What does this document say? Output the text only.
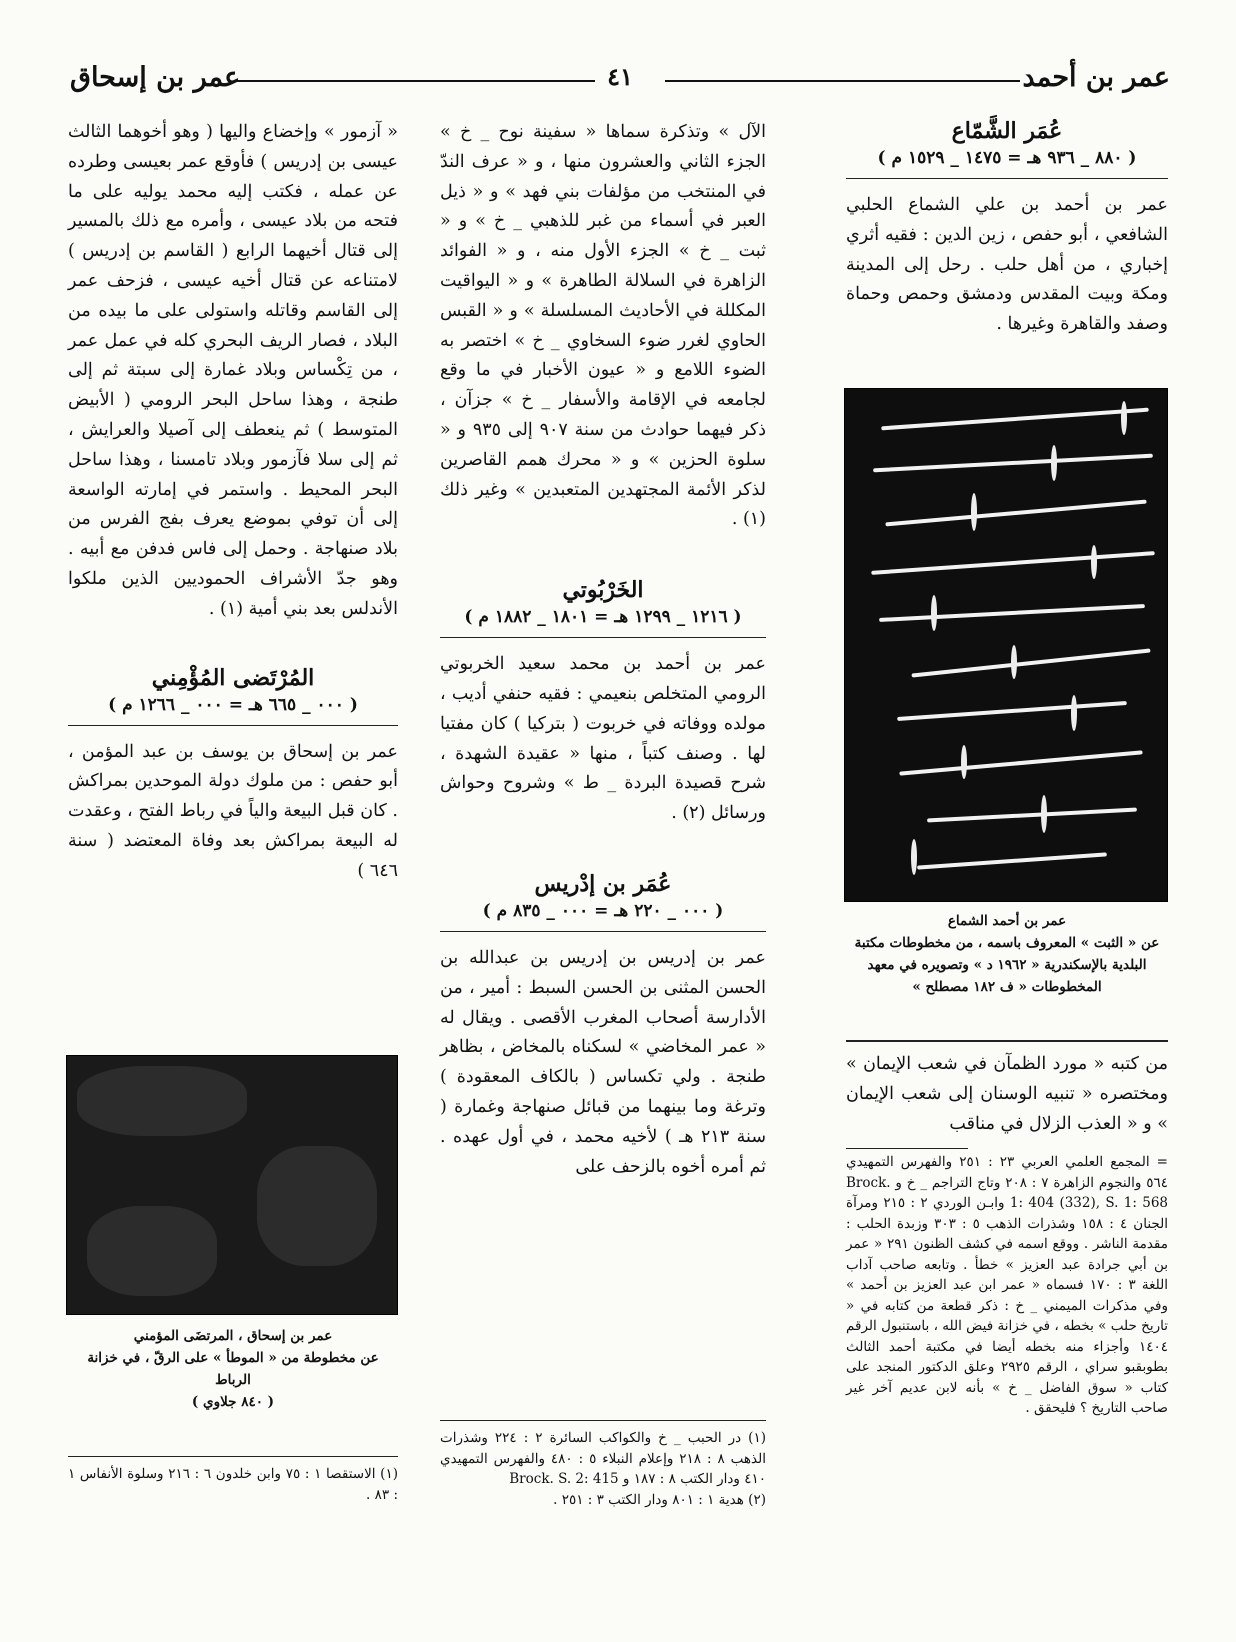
عمر بن أحمد
٤١
عمر بن إسحاق
عُمَر الشَّمّاع
( ٨٨٠ _ ٩٣٦ هـ = ١٤٧٥ _ ١٥٢٩ م )

عمر بن أحمد بن علي الشماع الحلبي الشافعي ، أبو حفص ، زين الدين : فقيه أثري إخباري ، من أهل حلب . رحل إلى المدينة ومكة وبيت المقدس ودمشق وحمص وحماة وصفد والقاهرة وغيرها .

عمر بن أحمد الشماع
عن « الثبت » المعروف باسمه ، من مخطوطات مكتبة البلدية بالإسكندرية « ١٩٦٢ د » وتصويره في معهد المخطوطات « ف ١٨٢ مصطلح »

من كتبه « مورد الظمآن في شعب الإيمان » ومختصره « تنبيه الوسنان إلى شعب الإيمان » و « العذب الزلال في مناقب

= المجمع العلمي العربي ٢٣ : ٢٥١ والفهرس التمهيدي ٥٦٤ والنجوم الزاهرة ٧ : ٢٠٨ وتاج التراجم _ خ و Brock. 1: 404 (332), S. 1: 568 وابـن الوردي ٢ : ٢١٥ ومرآة الجنان ٤ : ١٥٨ وشذرات الذهب ٥ : ٣٠٣ وزبدة الحلب : مقدمة الناشر . ووقع اسمه في كشف الظنون ٢٩١ « عمر بن أبي جرادة عبد العزيز » خطأ . وتابعه صاحب آداب اللغة ٣ : ١٧٠ فسماه « عمر ابن عبد العزيز بن أحمد » وفي مذكرات الميمني _ خ : ذكر قطعة من كتابه في « تاريخ حلب » بخطه ، في خزانة فيض الله ، باستنبول الرقم ١٤٠٤ وأجزاء منه بخطه أيضا في مكتبة أحمد الثالث بطوبقبو سراي ، الرقم ٢٩٢٥ وعلق الدكتور المنجد على كتاب « سوق الفاضل _ خ » بأنه لابن عديم آخر غير صاحب التاريخ ؟ فليحقق .

الآل » وتذكرة سماها « سفينة نوح _ خ » الجزء الثاني والعشرون منها ، و « عرف الندّ في المنتخب من مؤلفات بني فهد » و « ذيل العبر في أسماء من غبر للذهبي _ خ » و « ثبت _ خ » الجزء الأول منه ، و « الفوائد الزاهرة في السلالة الطاهرة » و « اليواقيت المكللة في الأحاديث المسلسلة » و « القبس الحاوي لغرر ضوء السخاوي _ خ » اختصر به الضوء اللامع و « عيون الأخبار في ما وقع لجامعه في الإقامة والأسفار _ خ » جزآن ، ذكر فيهما حوادث من سنة ٩٠٧ إلى ٩٣٥ و « سلوة الحزين » و « محرك همم القاصرين لذكر الأئمة المجتهدين المتعبدين » وغير ذلك (١) .

الخَرْبُوتي
( ١٢١٦ _ ١٢٩٩ هـ = ١٨٠١ _ ١٨٨٢ م )

عمر بن أحمد بن محمد سعيد الخربوتي الرومي المتخلص بنعيمي : فقيه حنفي أديب ، مولده ووفاته في خربوت ( بتركيا ) كان مفتيا لها . وصنف كتباً ، منها « عقيدة الشهدة ، شرح قصيدة البردة _ ط » وشروح وحواش ورسائل (٢) .

عُمَر بن إدْريس
( ٠٠٠ _ ٢٢٠ هـ = ٠٠٠ _ ٨٣٥ م )

عمر بن إدريس بن إدريس بن عبدالله بن الحسن المثنى بن الحسن السبط : أمير ، من الأدارسة أصحاب المغرب الأقصى . ويقال له « عمر المخاضي » لسكناه بالمخاض ، بظاهر طنجة . ولي تكساس ( بالكاف المعقودة ) وترغة وما بينهما من قبائل صنهاجة وغمارة ( سنة ٢١٣ هـ ) لأخيه محمد ، في أول عهده . ثم أمره أخوه بالزحف على

(١) در الحبب _ خ والكواكب السائرة ٢ : ٢٢٤ وشذرات الذهب ٨ : ٢١٨ وإعلام النبلاء ٥ : ٤٨٠ والفهرس التمهيدي ٤١٠ ودار الكتب ٨ : ١٨٧ و Brock. S. 2: 415

(٢) هدية ١ : ٨٠١ ودار الكتب ٣ : ٢٥١ .

« آزمور » وإخضاع واليها ( وهو أخوهما الثالث عيسى بن إدريس ) فأوقع عمر بعيسى وطرده عن عمله ، فكتب إليه محمد يوليه على ما فتحه من بلاد عيسى ، وأمره مع ذلك بالمسير إلى قتال أخيهما الرابع ( القاسم بن إدريس ) لامتناعه عن قتال أخيه عيسى ، فزحف عمر إلى القاسم وقاتله واستولى على ما بيده من البلاد ، فصار الريف البحري كله في عمل عمر ، من تِكْساس وبلاد غمارة إلى سبتة ثم إلى طنجة ، وهذا ساحل البحر الرومي ( الأبيض المتوسط ) ثم ينعطف إلى آصيلا والعرايش ، ثم إلى سلا فآزمور وبلاد تامسنا ، وهذا ساحل البحر المحيط . واستمر في إمارته الواسعة إلى أن توفي بموضع يعرف بفج الفرس من بلاد صنهاجة . وحمل إلى فاس فدفن مع أبيه . وهو جدّ الأشراف الحموديين الذين ملكوا الأندلس بعد بني أمية (١) .

المُرْتَضى المُؤْمِني
( ٠٠٠ _ ٦٦٥ هـ = ٠٠٠ _ ١٢٦٦ م )

عمر بن إسحاق بن يوسف بن عبد المؤمن ، أبو حفص : من ملوك دولة الموحدين بمراكش . كان قبل البيعة والياً في رباط الفتح ، وعقدت له البيعة بمراكش بعد وفاة المعتضد ( سنة ٦٤٦ )

عمر بن إسحاق ، المرتضَى المؤمني
عن مخطوطة من « الموطأ » على الرقّ ، في خزانة الرباط
( ٨٤٠ جلاوي )

(١) الاستقصا ١ : ٧٥ وابن خلدون ٦ : ٢١٦ وسلوة الأنفاس ١ : ٨٣ .
